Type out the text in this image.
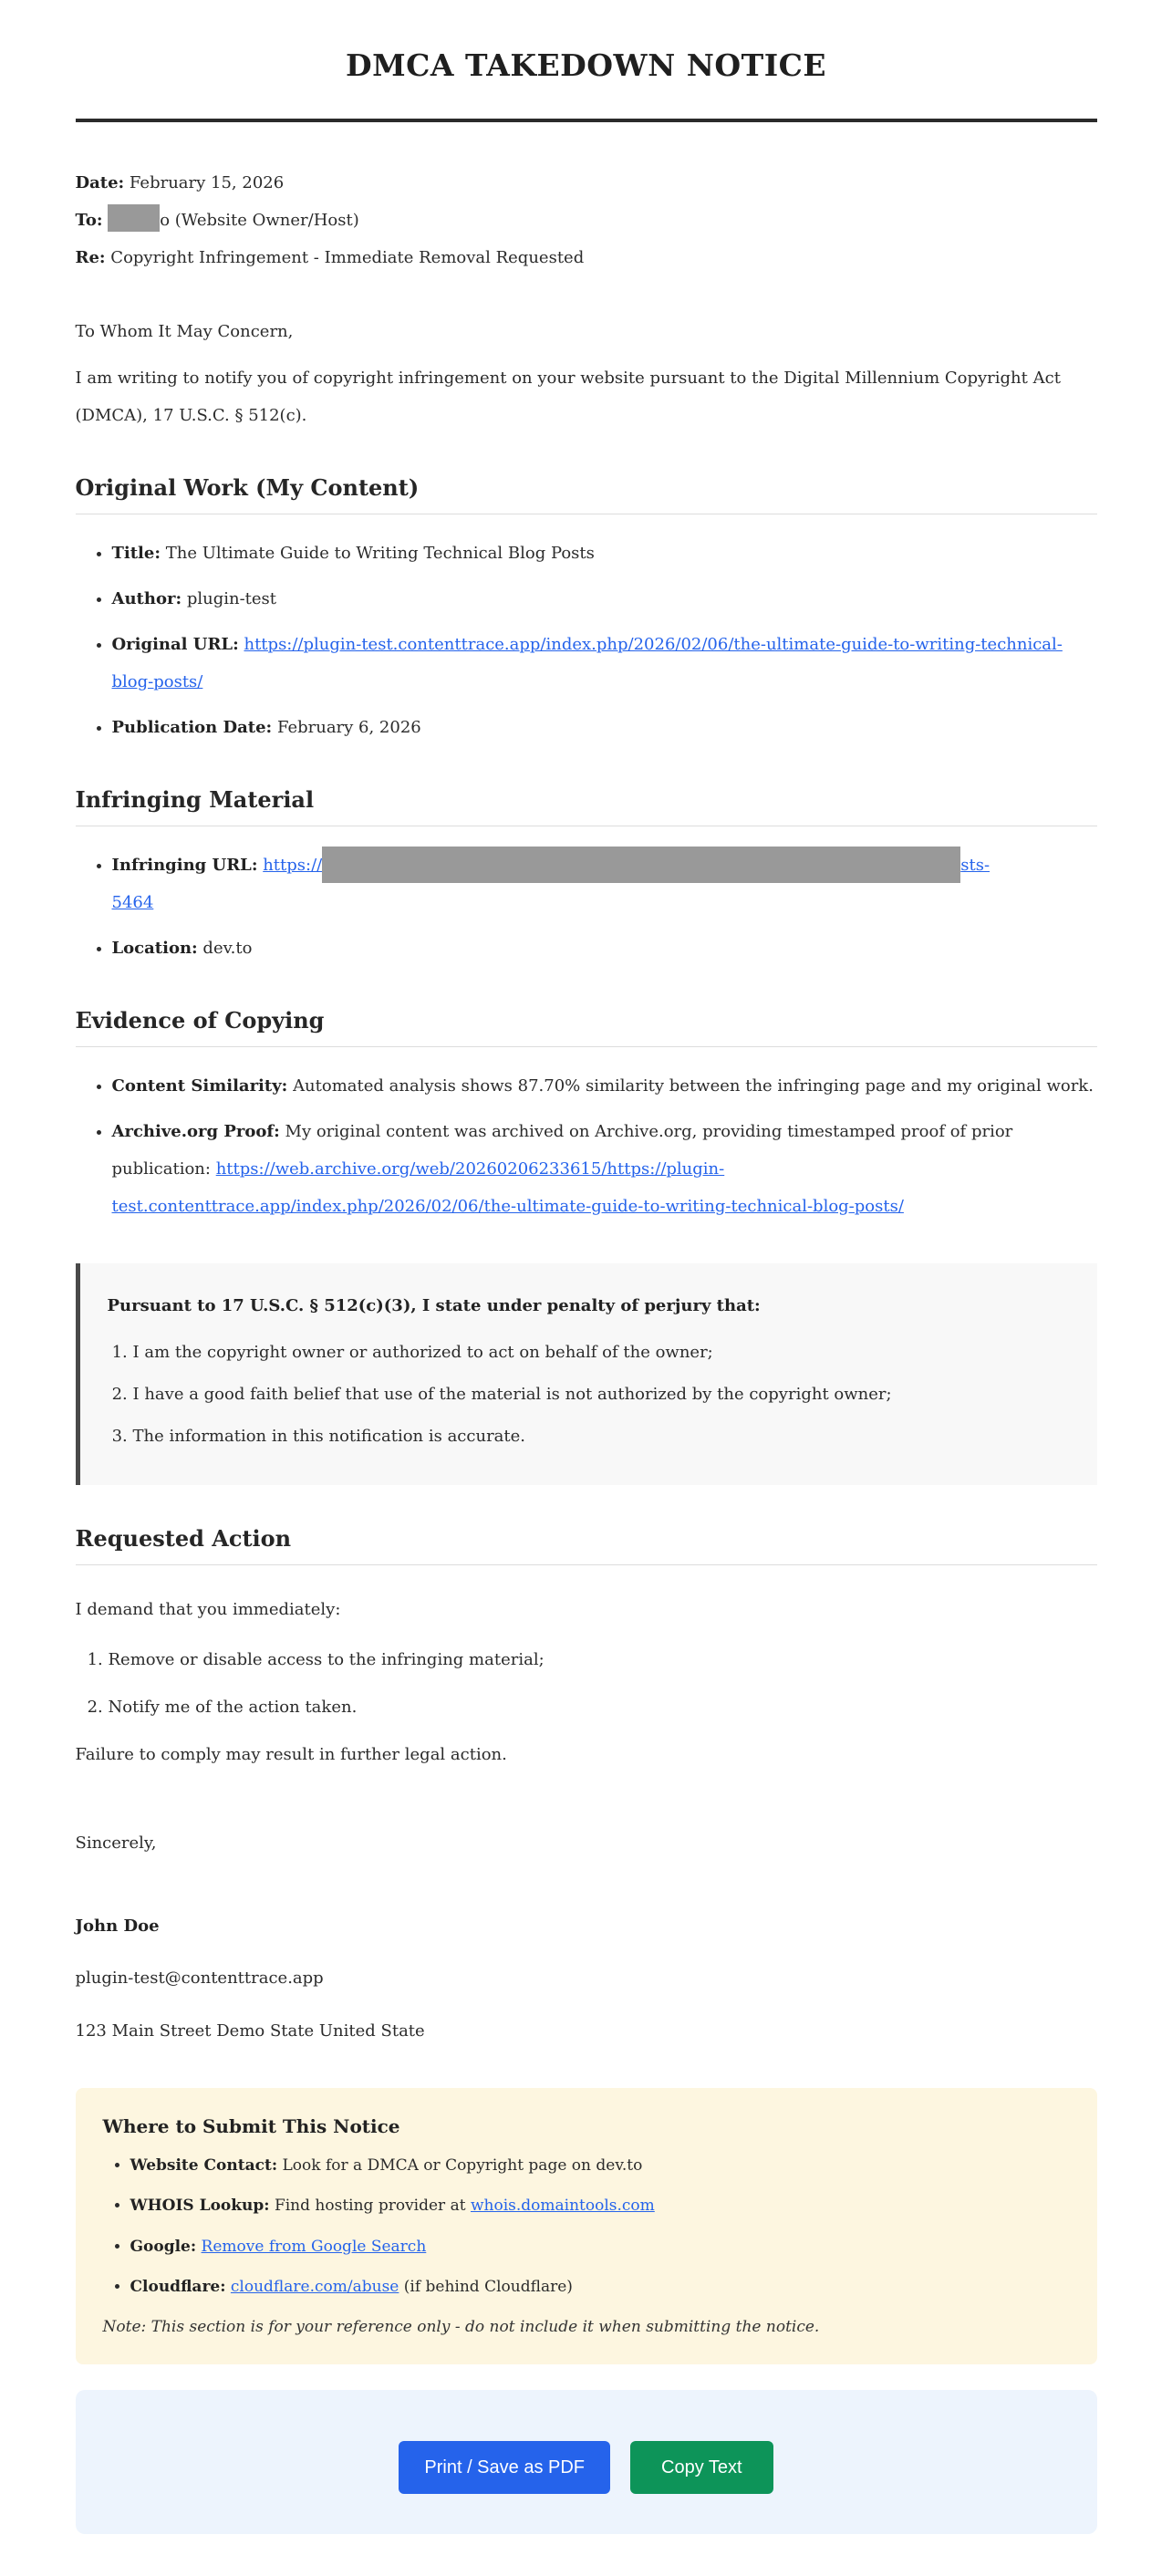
DMCA TAKEDOWN NOTICE

Date: February 15, 2026

To:	o (Website Owner/Host)

Re: Copyright Infringement - Immediate Removal Requested

To Whom It May Concern,

I am writing to notify you of copyright infringement on your website pursuant to the Digital Millennium Copyright Act (DMCA), 17 U.S.C. § 512(c).

Original Work (My Content)
• Title: The Ultimate Guide to Writing Technical Blog Posts
• Author: plugin-test
• Original URL: https://plugin-test.contenttrace.app/index.php/2026/02/06/the-ultimate-guide-to-writing-technical-blog-posts/
• Publication Date: February 6, 2026
Infringing Material
• Infringing URL: https://	sts-
5464
• Location: dev.to
Evidence of Copying
• Content Similarity: Automated analysis shows 87.70% similarity between the infringing page and my original work.
• Archive.org Proof: My original content was archived on Archive.org, providing timestamped proof of prior publication: https://web.archive.org/web/20260206233615/https://plugin-test.contenttrace.app/index.php/2026/02/06/the-ultimate-guide-to-writing-technical-blog-posts/

Pursuant to 17 U.S.C. § 512(c)(3), I state under penalty of perjury that:

1. I am the copyright owner or authorized to act on behalf of the owner;
2. I have a good faith belief that use of the material is not authorized by the copyright owner;
3. The information in this notification is accurate.
Requested Action

I demand that you immediately:

1. Remove or disable access to the infringing material;
2. Notify me of the action taken.

Failure to comply may result in further legal action.

Sincerely,

John Doe

plugin-test@contenttrace.app

123 Main Street Demo State United State

Where to Submit This Notice
• Website Contact: Look for a DMCA or Copyright page on dev.to
• WHOIS Lookup: Find hosting provider at whois.domaintools.com
• Google: Remove from Google Search
• Cloudflare: cloudflare.com/abuse (if behind Cloudflare)

Note: This section is for your reference only - do not include it when submitting the notice.

Print / Save as PDF	Copy Text
